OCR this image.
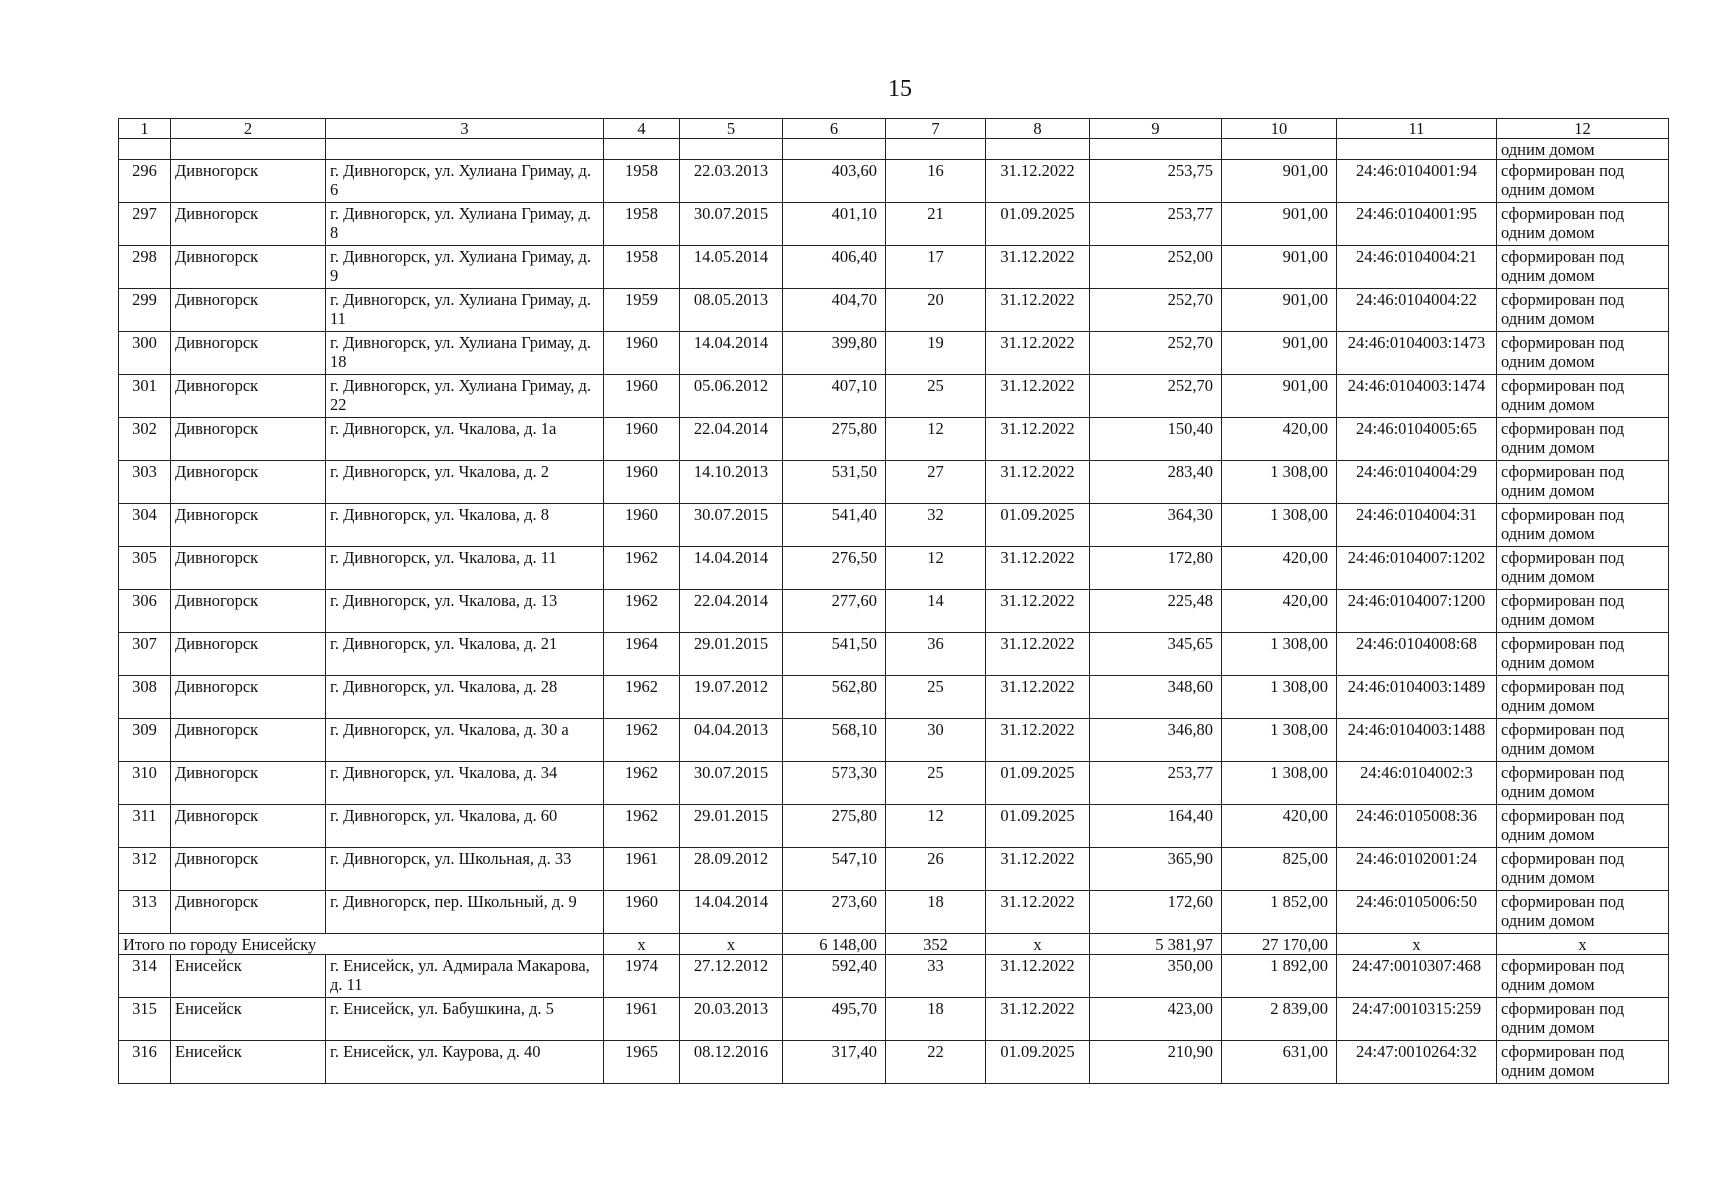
15
1	2	3	4	5	6	7	8	9	10	11	12
											одним домом
296	Дивногорск	г. Дивногорск, ул. Хулиана Гримау, д. 6	1958	22.03.2013	403,60	16	31.12.2022	253,75	901,00	24:46:0104001:94	сформирован под одним домом
297	Дивногорск	г. Дивногорск, ул. Хулиана Гримау, д. 8	1958	30.07.2015	401,10	21	01.09.2025	253,77	901,00	24:46:0104001:95	сформирован под одним домом
298	Дивногорск	г. Дивногорск, ул. Хулиана Гримау, д. 9	1958	14.05.2014	406,40	17	31.12.2022	252,00	901,00	24:46:0104004:21	сформирован под одним домом
299	Дивногорск	г. Дивногорск, ул. Хулиана Гримау, д. 11	1959	08.05.2013	404,70	20	31.12.2022	252,70	901,00	24:46:0104004:22	сформирован под одним домом
300	Дивногорск	г. Дивногорск, ул. Хулиана Гримау, д. 18	1960	14.04.2014	399,80	19	31.12.2022	252,70	901,00	24:46:0104003:1473	сформирован под одним домом
301	Дивногорск	г. Дивногорск, ул. Хулиана Гримау, д. 22	1960	05.06.2012	407,10	25	31.12.2022	252,70	901,00	24:46:0104003:1474	сформирован под одним домом
302	Дивногорск	г. Дивногорск, ул. Чкалова, д. 1а	1960	22.04.2014	275,80	12	31.12.2022	150,40	420,00	24:46:0104005:65	сформирован под одним домом
303	Дивногорск	г. Дивногорск, ул. Чкалова, д. 2	1960	14.10.2013	531,50	27	31.12.2022	283,40	1 308,00	24:46:0104004:29	сформирован под одним домом
304	Дивногорск	г. Дивногорск, ул. Чкалова, д. 8	1960	30.07.2015	541,40	32	01.09.2025	364,30	1 308,00	24:46:0104004:31	сформирован под одним домом
305	Дивногорск	г. Дивногорск, ул. Чкалова, д. 11	1962	14.04.2014	276,50	12	31.12.2022	172,80	420,00	24:46:0104007:1202	сформирован под одним домом
306	Дивногорск	г. Дивногорск, ул. Чкалова, д. 13	1962	22.04.2014	277,60	14	31.12.2022	225,48	420,00	24:46:0104007:1200	сформирован под одним домом
307	Дивногорск	г. Дивногорск, ул. Чкалова, д. 21	1964	29.01.2015	541,50	36	31.12.2022	345,65	1 308,00	24:46:0104008:68	сформирован под одним домом
308	Дивногорск	г. Дивногорск, ул. Чкалова, д. 28	1962	19.07.2012	562,80	25	31.12.2022	348,60	1 308,00	24:46:0104003:1489	сформирован под одним домом
309	Дивногорск	г. Дивногорск, ул. Чкалова, д. 30 а	1962	04.04.2013	568,10	30	31.12.2022	346,80	1 308,00	24:46:0104003:1488	сформирован под одним домом
310	Дивногорск	г. Дивногорск, ул. Чкалова, д. 34	1962	30.07.2015	573,30	25	01.09.2025	253,77	1 308,00	24:46:0104002:3	сформирован под одним домом
311	Дивногорск	г. Дивногорск, ул. Чкалова, д. 60	1962	29.01.2015	275,80	12	01.09.2025	164,40	420,00	24:46:0105008:36	сформирован под одним домом
312	Дивногорск	г. Дивногорск, ул. Школьная, д. 33	1961	28.09.2012	547,10	26	31.12.2022	365,90	825,00	24:46:0102001:24	сформирован под одним домом
313	Дивногорск	г. Дивногорск, пер. Школьный, д. 9	1960	14.04.2014	273,60	18	31.12.2022	172,60	1 852,00	24:46:0105006:50	сформирован под одним домом
Итого по городу Енисейску			х	х	6 148,00	352	х	5 381,97	27 170,00	х	х
314	Енисейск	г. Енисейск, ул. Адмирала Макарова, д. 11	1974	27.12.2012	592,40	33	31.12.2022	350,00	1 892,00	24:47:0010307:468	сформирован под одним домом
315	Енисейск	г. Енисейск, ул. Бабушкина, д. 5	1961	20.03.2013	495,70	18	31.12.2022	423,00	2 839,00	24:47:0010315:259	сформирован под одним домом
316	Енисейск	г. Енисейск, ул. Каурова, д. 40	1965	08.12.2016	317,40	22	01.09.2025	210,90	631,00	24:47:0010264:32	сформирован под одним домом
